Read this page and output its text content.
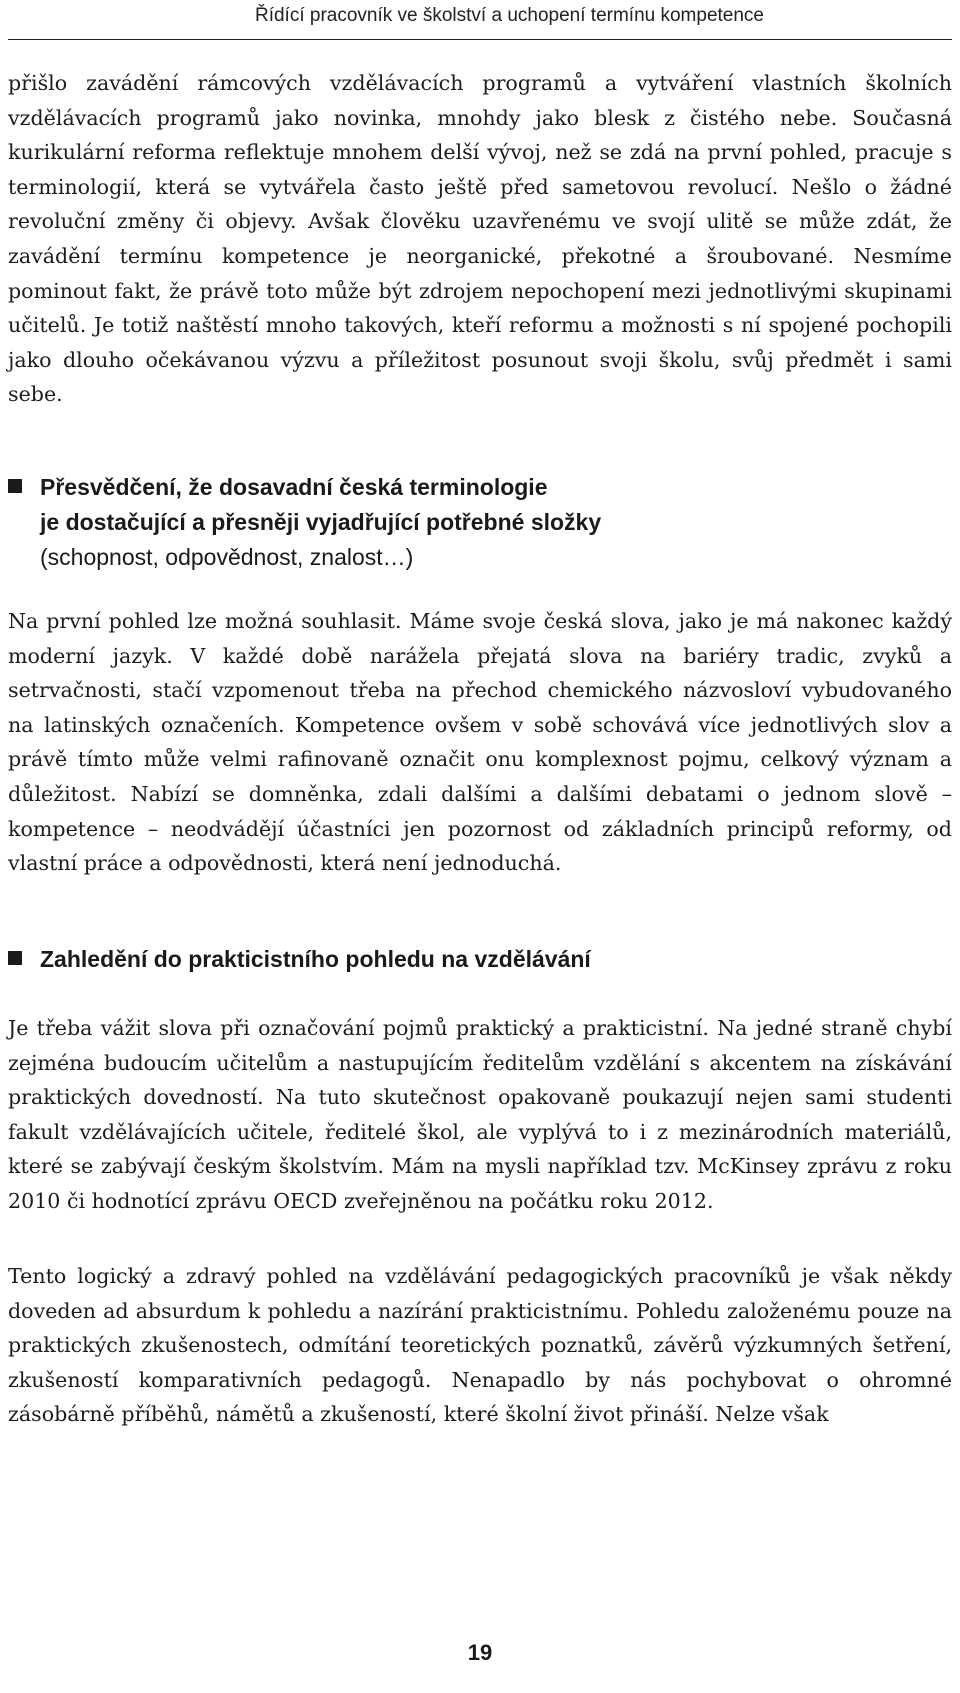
Řídící pracovník ve školství a uchopení termínu kompetence

přišlo zavádění rámcových vzdělávacích programů a vytváření vlastních školních vzdělávacích programů jako novinka, mnohdy jako blesk z čistého nebe. Současná kurikulární reforma reflektuje mnohem delší vývoj, než se zdá na první pohled, pracuje s terminologií, která se vytvářela často ještě před sametovou revolucí. Nešlo o žádné revoluční změny či objevy. Avšak člověku uzavřenému ve svojí ulitě se může zdát, že zavádění termínu kompetence je neorganické, překotné a šroubované. Nesmíme pominout fakt, že právě toto může být zdrojem nepochopení mezi jednotlivými skupinami učitelů. Je totiž naštěstí mnoho takových, kteří reformu a možnosti s ní spojené pochopili jako dlouho očekávanou výzvu a příležitost posunout svoji školu, svůj předmět i sami sebe.

Přesvědčení, že dosavadní česká terminologie
je dostačující a přesněji vyjadřující potřebné složky
(schopnost, odpovědnost, znalost…)

Na první pohled lze možná souhlasit. Máme svoje česká slova, jako je má nakonec každý moderní jazyk. V každé době narážela přejatá slova na bariéry tradic, zvyků a setrvačnosti, stačí vzpomenout třeba na přechod chemického názvosloví vybudovaného na latinských označeních. Kompetence ovšem v sobě schovává více jednotlivých slov a právě tímto může velmi rafinovaně označit onu komplexnost pojmu, celkový význam a důležitost. Nabízí se domněnka, zdali dalšími a dalšími debatami o jednom slově – kompetence – neodvádějí účastníci jen pozornost od základních principů reformy, od vlastní práce a odpovědnosti, která není jednoduchá.

Zahledění do prakticistního pohledu na vzdělávání

Je třeba vážit slova při označování pojmů praktický a prakticistní. Na jedné straně chybí zejména budoucím učitelům a nastupujícím ředitelům vzdělání s akcentem na získávání praktických dovedností. Na tuto skutečnost opakovaně poukazují nejen sami studenti fakult vzdělávajících učitele, ředitelé škol, ale vyplývá to i z mezinárodních materiálů, které se zabývají českým školstvím. Mám na mysli například tzv. McKinsey zprávu z roku 2010 či hodnotící zprávu OECD zveřejněnou na počátku roku 2012.

Tento logický a zdravý pohled na vzdělávání pedagogických pracovníků je však někdy doveden ad absurdum k pohledu a nazírání prakticistnímu. Pohledu založenému pouze na praktických zkušenostech, odmítání teoretických poznatků, závěrů výzkumných šetření, zkušeností komparativních pedagogů. Nenapadlo by nás pochybovat o ohromné zásobárně příběhů, námětů a zkušeností, které školní život přináší. Nelze však

19
